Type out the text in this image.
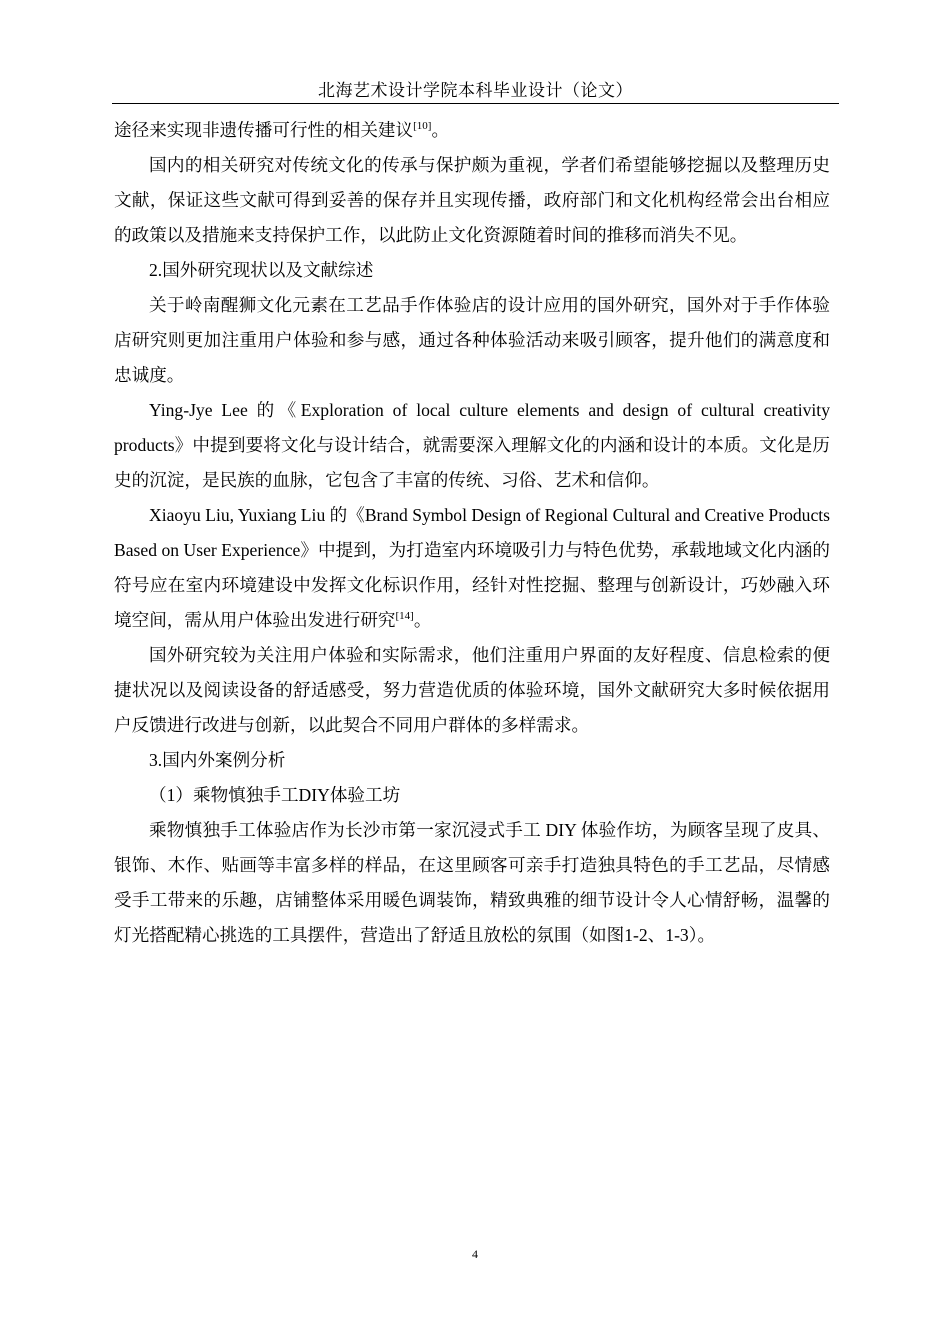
北海艺术设计学院本科毕业设计（论文）

途径来实现非遗传播可行性的相关建议[10]。

国内的相关研究对传统文化的传承与保护颇为重视，学者们希望能够挖掘以及整理历史文献，保证这些文献可得到妥善的保存并且实现传播，政府部门和文化机构经常会出台相应的政策以及措施来支持保护工作，以此防止文化资源随着时间的推移而消失不见。

2.国外研究现状以及文献综述

关于岭南醒狮文化元素在工艺品手作体验店的设计应用的国外研究，国外对于手作体验店研究则更加注重用户体验和参与感，通过各种体验活动来吸引顾客，提升他们的满意度和忠诚度。

Ying-Jye Lee 的《Exploration of local culture elements and design of cultural creativity products》中提到要将文化与设计结合，就需要深入理解文化的内涵和设计的本质。文化是历史的沉淀，是民族的血脉，它包含了丰富的传统、习俗、艺术和信仰。

Xiaoyu Liu, Yuxiang Liu 的《Brand Symbol Design of Regional Cultural and Creative Products Based on User Experience》中提到，为打造室内环境吸引力与特色优势，承载地域文化内涵的符号应在室内环境建设中发挥文化标识作用，经针对性挖掘、整理与创新设计，巧妙融入环境空间，需从用户体验出发进行研究[14]。

国外研究较为关注用户体验和实际需求，他们注重用户界面的友好程度、信息检索的便捷状况以及阅读设备的舒适感受，努力营造优质的体验环境，国外文献研究大多时候依据用户反馈进行改进与创新，以此契合不同用户群体的多样需求。

3.国内外案例分析

（1）乘物慎独手工DIY体验工坊

乘物慎独手工体验店作为长沙市第一家沉浸式手工 DIY 体验作坊，为顾客呈现了皮具、银饰、木作、贴画等丰富多样的样品，在这里顾客可亲手打造独具特色的手工艺品，尽情感受手工带来的乐趣，店铺整体采用暖色调装饰，精致典雅的细节设计令人心情舒畅，温馨的灯光搭配精心挑选的工具摆件，营造出了舒适且放松的氛围（如图1-2、1-3）。

4
